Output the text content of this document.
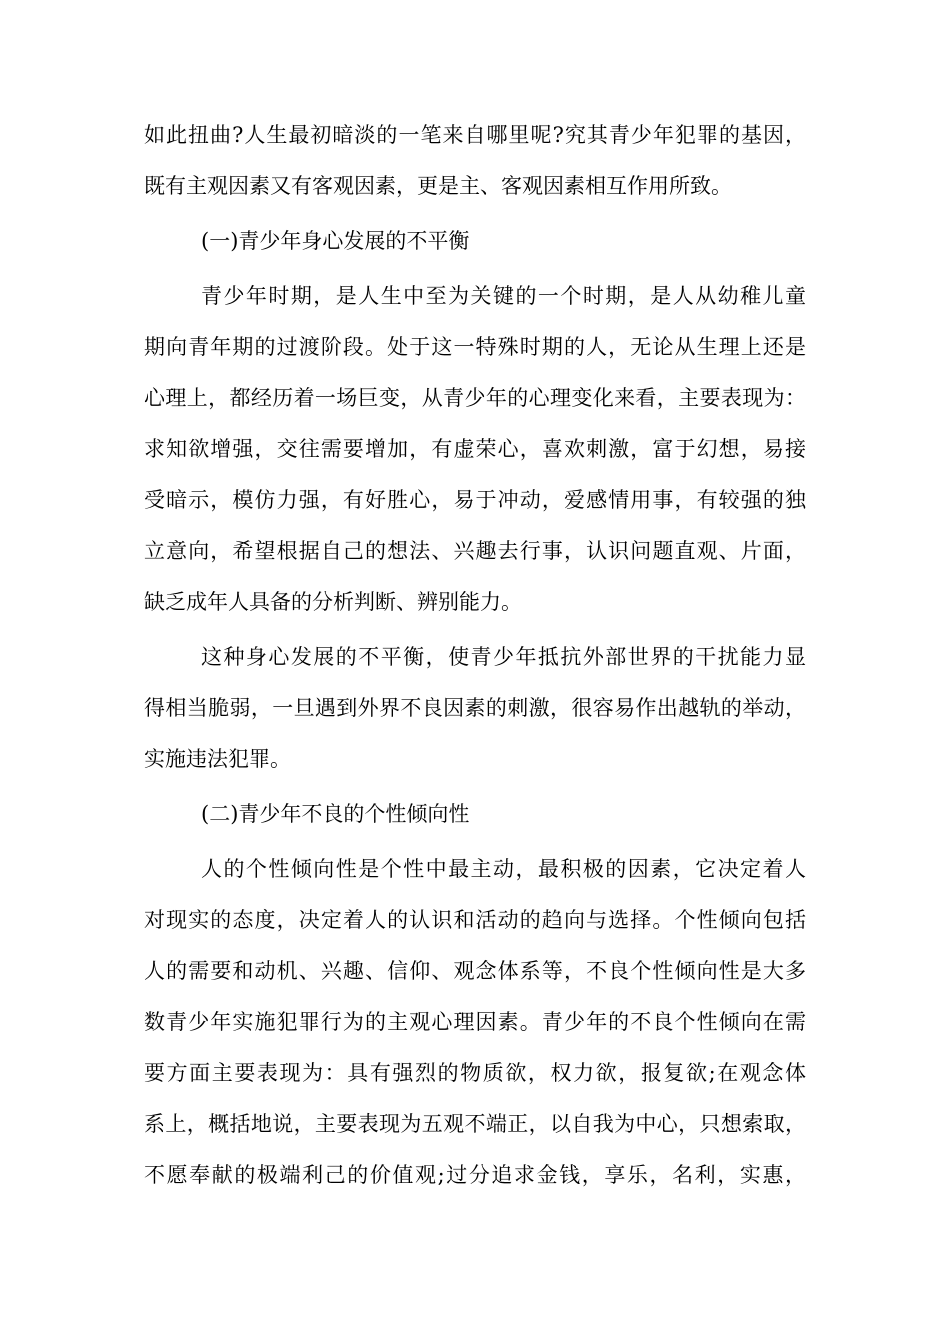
如此扭曲?人生最初暗淡的一笔来自哪里呢?究其青少年犯罪的基因，
既有主观因素又有客观因素，更是主、客观因素相互作用所致。
(一)青少年身心发展的不平衡
青少年时期，是人生中至为关键的一个时期，是人从幼稚儿童
期向青年期的过渡阶段。处于这一特殊时期的人，无论从生理上还是
心理上，都经历着一场巨变，从青少年的心理变化来看，主要表现为：
求知欲增强，交往需要增加，有虚荣心，喜欢刺激，富于幻想，易接
受暗示，模仿力强，有好胜心，易于冲动，爱感情用事，有较强的独
立意向，希望根据自己的想法、兴趣去行事，认识问题直观、片面，
缺乏成年人具备的分析判断、辨别能力。
这种身心发展的不平衡，使青少年抵抗外部世界的干扰能力显
得相当脆弱，一旦遇到外界不良因素的刺激，很容易作出越轨的举动，
实施违法犯罪。
(二)青少年不良的个性倾向性
人的个性倾向性是个性中最主动，最积极的因素，它决定着人
对现实的态度，决定着人的认识和活动的趋向与选择。个性倾向包括
人的需要和动机、兴趣、信仰、观念体系等，不良个性倾向性是大多
数青少年实施犯罪行为的主观心理因素。青少年的不良个性倾向在需
要方面主要表现为：具有强烈的物质欲，权力欲，报复欲;在观念体
系上，概括地说，主要表现为五观不端正，以自我为中心，只想索取，
不愿奉献的极端利己的价值观;过分追求金钱，享乐，名利，实惠，
